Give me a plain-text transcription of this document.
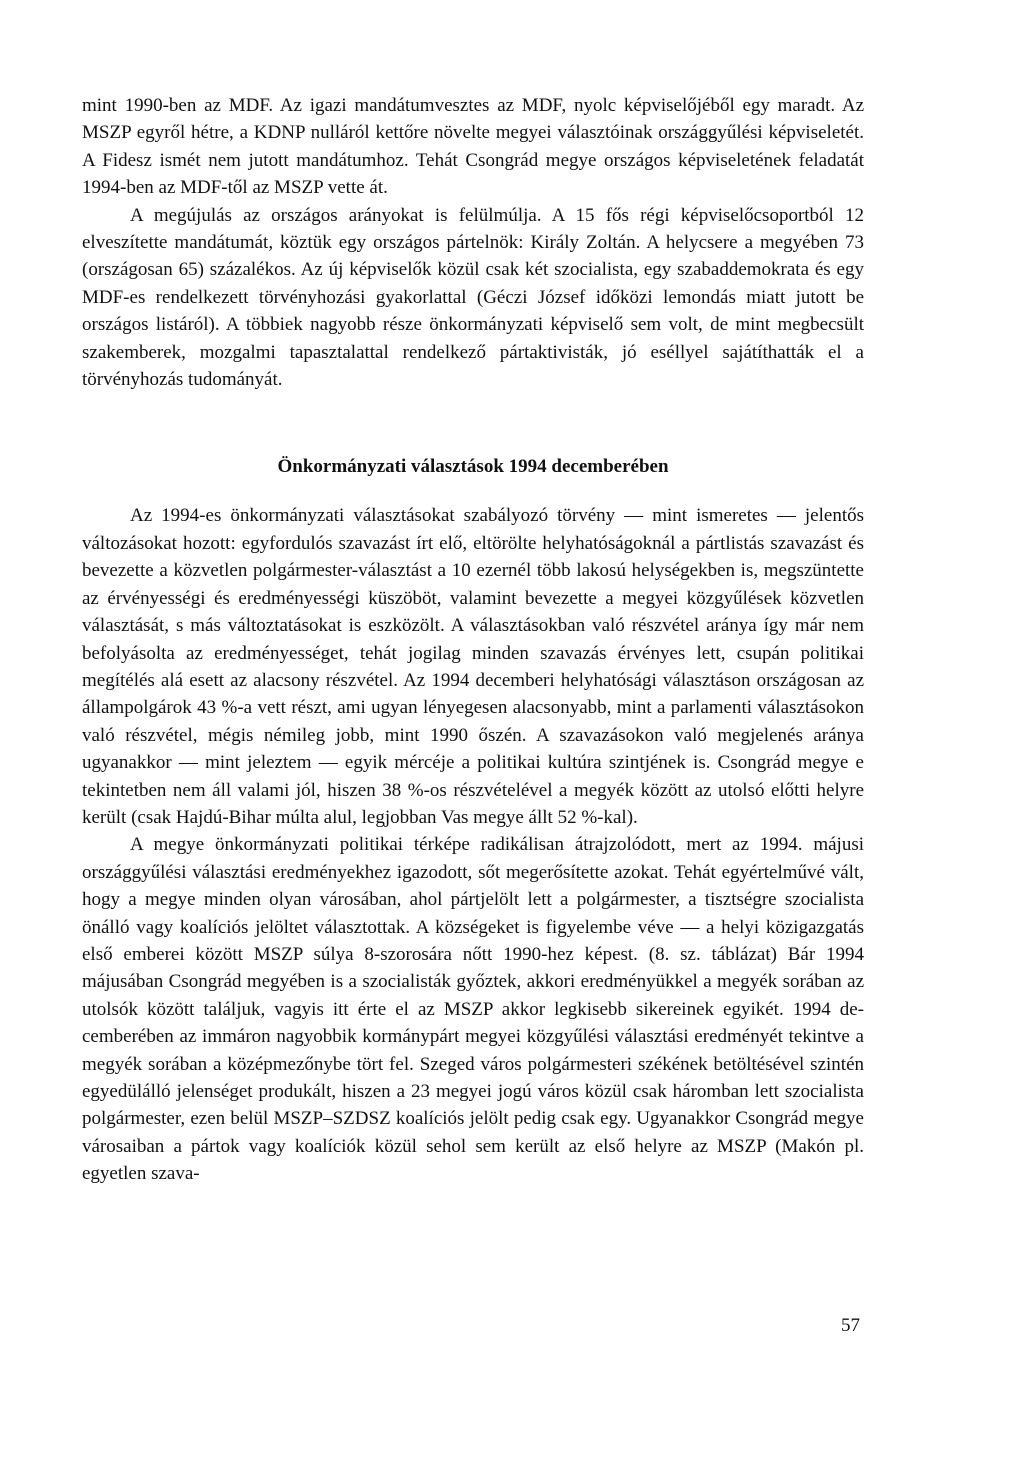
mint 1990-ben az MDF. Az igazi mandátumvesztes az MDF, nyolc képviselőjéből egy maradt. Az MSZP egyről hétre, a KDNP nulláról kettőre növelte megyei választóinak országgyűlési képviseletét. A Fidesz ismét nem jutott mandátumhoz. Tehát Csongrád megye országos képviseletének feladatát 1994-ben az MDF-től az MSZP vette át.

A megújulás az országos arányokat is felülmúlja. A 15 fős régi képviselőcsoportból 12 elveszítette mandátumát, köztük egy országos pártelnök: Király Zoltán. A helycsere a megyében 73 (országosan 65) százalékos. Az új képviselők közül csak két szocialista, egy szabaddemokrata és egy MDF-es rendelkezett törvényhozási gyakorlattal (Géczi József időközi lemondás miatt jutott be országos listáról). A többiek nagyobb része önkormányzati képviselő sem volt, de mint megbecsült szakemberek, mozgalmi tapasztalattal rendelkező pártaktivisták, jó eséllyel sajátíthatták el a törvényhozás tudományát.

Önkormányzati választások 1994 decemberében

Az 1994-es önkormányzati választásokat szabályozó törvény — mint ismeretes — jelentős változásokat hozott: egyfordulós szavazást írt elő, eltörölte helyhatóságoknál a pártlistás szavazást és bevezette a közvetlen polgármester-választást a 10 ezernél több lakosú helységekben is, megszüntette az érvényességi és eredményességi küszöböt, valamint bevezette a megyei közgyűlések közvetlen választását, s más változtatásokat is eszközölt. A választásokban való részvétel aránya így már nem befolyásolta az eredményességet, tehát jogilag minden szavazás érvényes lett, csupán politikai megítélés alá esett az alacsony részvétel. Az 1994 decemberi helyhatósági választáson országosan az állampolgárok 43 %-a vett részt, ami ugyan lényegesen alacsonyabb, mint a parlamenti választásokon való részvétel, mégis némileg jobb, mint 1990 őszén. A szavazásokon való megjelenés aránya ugyanakkor — mint jeleztem — egyik mércéje a politikai kultúra szintjének is. Csongrád megye e tekintetben nem áll valami jól, hiszen 38 %-os részvételével a megyék között az utolsó előtti helyre került (csak Hajdú-Bihar múlta alul, legjobban Vas megye állt 52 %-kal).

A megye önkormányzati politikai térképe radikálisan átrajzolódott, mert az 1994. májusi országgyűlési választási eredményekhez igazodott, sőt megerősítette azokat. Tehát egyértelművé vált, hogy a megye minden olyan városában, ahol pártjelölt lett a polgármester, a tisztségre szocialista önálló vagy koalíciós jelöltet választottak. A községeket is figyelembe véve — a helyi közigazgatás első emberei között MSZP súlya 8-szorosára nőtt 1990-hez képest. (8. sz. táblázat) Bár 1994 májusában Csongrád megyében is a szocialisták győztek, akkori eredményükkel a megyék sorában az utolsók között találjuk, vagyis itt érte el az MSZP akkor legkisebb sikereinek egyikét. 1994 decemberében az immáron nagyobbik kormánypárt megyei közgyűlési választási eredményét tekintve a megyék sorában a középmezőnybe tört fel. Szeged város polgármesteri székének betöltésével szintén egyedülálló jelenséget produkált, hiszen a 23 megyei jogú város közül csak háromban lett szocialista polgármester, ezen belül MSZP–SZDSZ koalíciós jelölt pedig csak egy. Ugyanakkor Csongrád megye városaiban a pártok vagy koalíciók közül sehol sem került az első helyre az MSZP (Makón pl. egyetlen szava-

57
